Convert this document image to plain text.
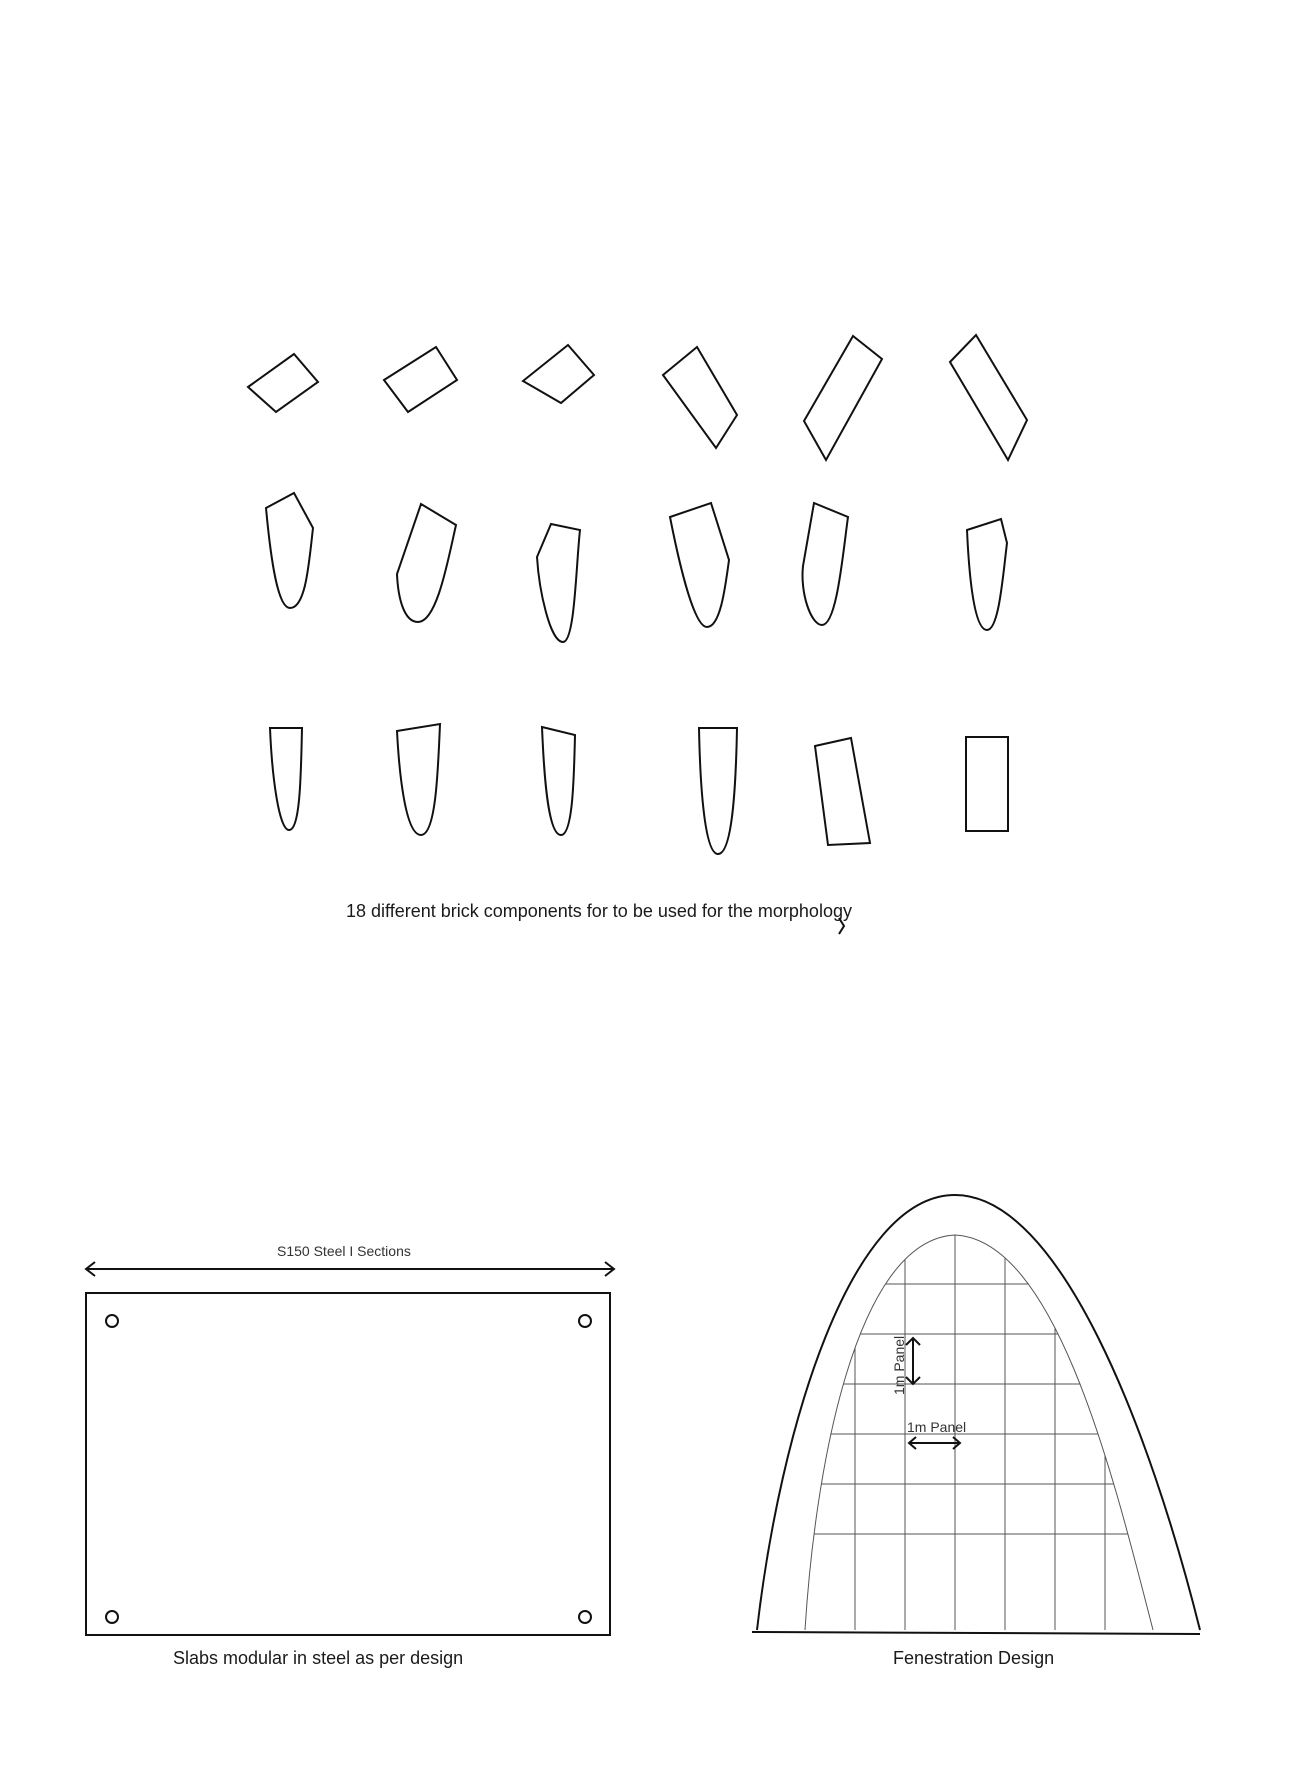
18 different brick components for to be used for the morphology
S150 Steel I Sections
Slabs modular in steel as per design
1m Panel
1m Panel
Fenestration Design
